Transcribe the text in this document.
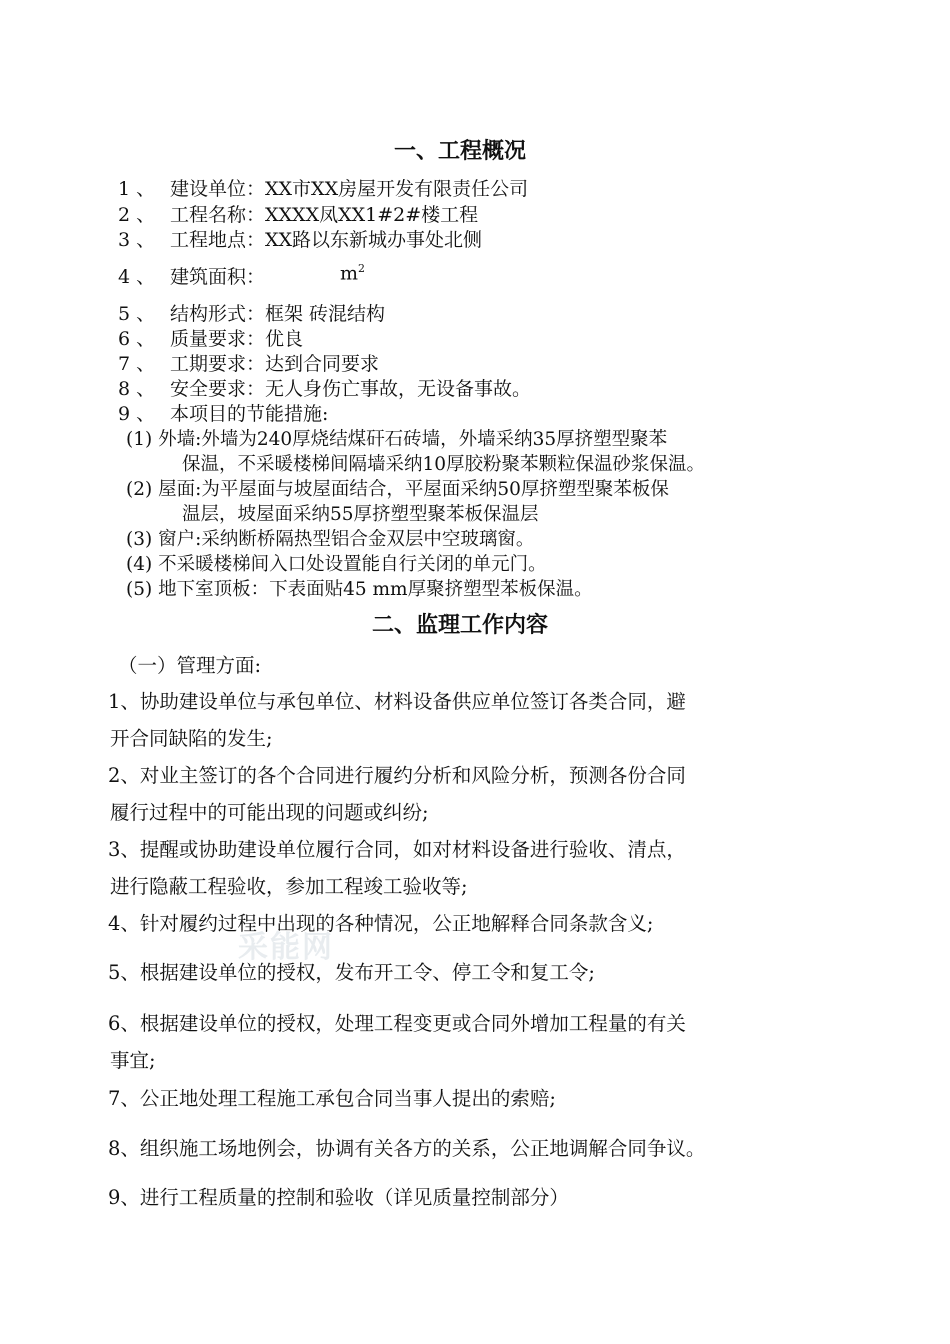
一、工程概况
1 、 建设单位：XX市XX房屋开发有限责任公司
2 、 工程名称：XXXX凤XX1#2#楼工程
3 、 工程地点：XX路以东新城办事处北侧
4 、 建筑面积：	$m^2$
5 、 结构形式：框架 砖混结构
6 、 质量要求：优良
7 、 工期要求：达到合同要求
8 、 安全要求：无人身伤亡事故，无设备事故。
9 、 本项目的节能措施:
(1) 外墙:外墙为240厚烧结煤矸石砖墙，外墙采纳35厚挤塑型聚苯
保温，不采暖楼梯间隔墙采纳10厚胶粉聚苯颗粒保温砂浆保温。
(2) 屋面:为平屋面与坡屋面结合，平屋面采纳50厚挤塑型聚苯板保
温层，坡屋面采纳55厚挤塑型聚苯板保温层
(3) 窗户:采纳断桥隔热型铝合金双层中空玻璃窗。
(4) 不采暖楼梯间入口处设置能自行关闭的单元门。
(5) 地下室顶板：下表面贴45 mm厚聚挤塑型苯板保温。
二、监理工作内容
（一）管理方面:
1、协助建设单位与承包单位、材料设备供应单位签订各类合同，避
开合同缺陷的发生;
2、对业主签订的各个合同进行履约分析和风险分析，预测各份合同
履行过程中的可能出现的问题或纠纷;
3、提醒或协助建设单位履行合同，如对材料设备进行验收、清点，
进行隐蔽工程验收，参加工程竣工验收等;
4、针对履约过程中出现的各种情况，公正地解释合同条款含义;
采能网
5、根据建设单位的授权，发布开工令、停工令和复工令;
6、根据建设单位的授权，处理工程变更或合同外增加工程量的有关
事宜;
7、公正地处理工程施工承包合同当事人提出的索赔;
8、组织施工场地例会，协调有关各方的关系，公正地调解合同争议。
9、进行工程质量的控制和验收（详见质量控制部分）
